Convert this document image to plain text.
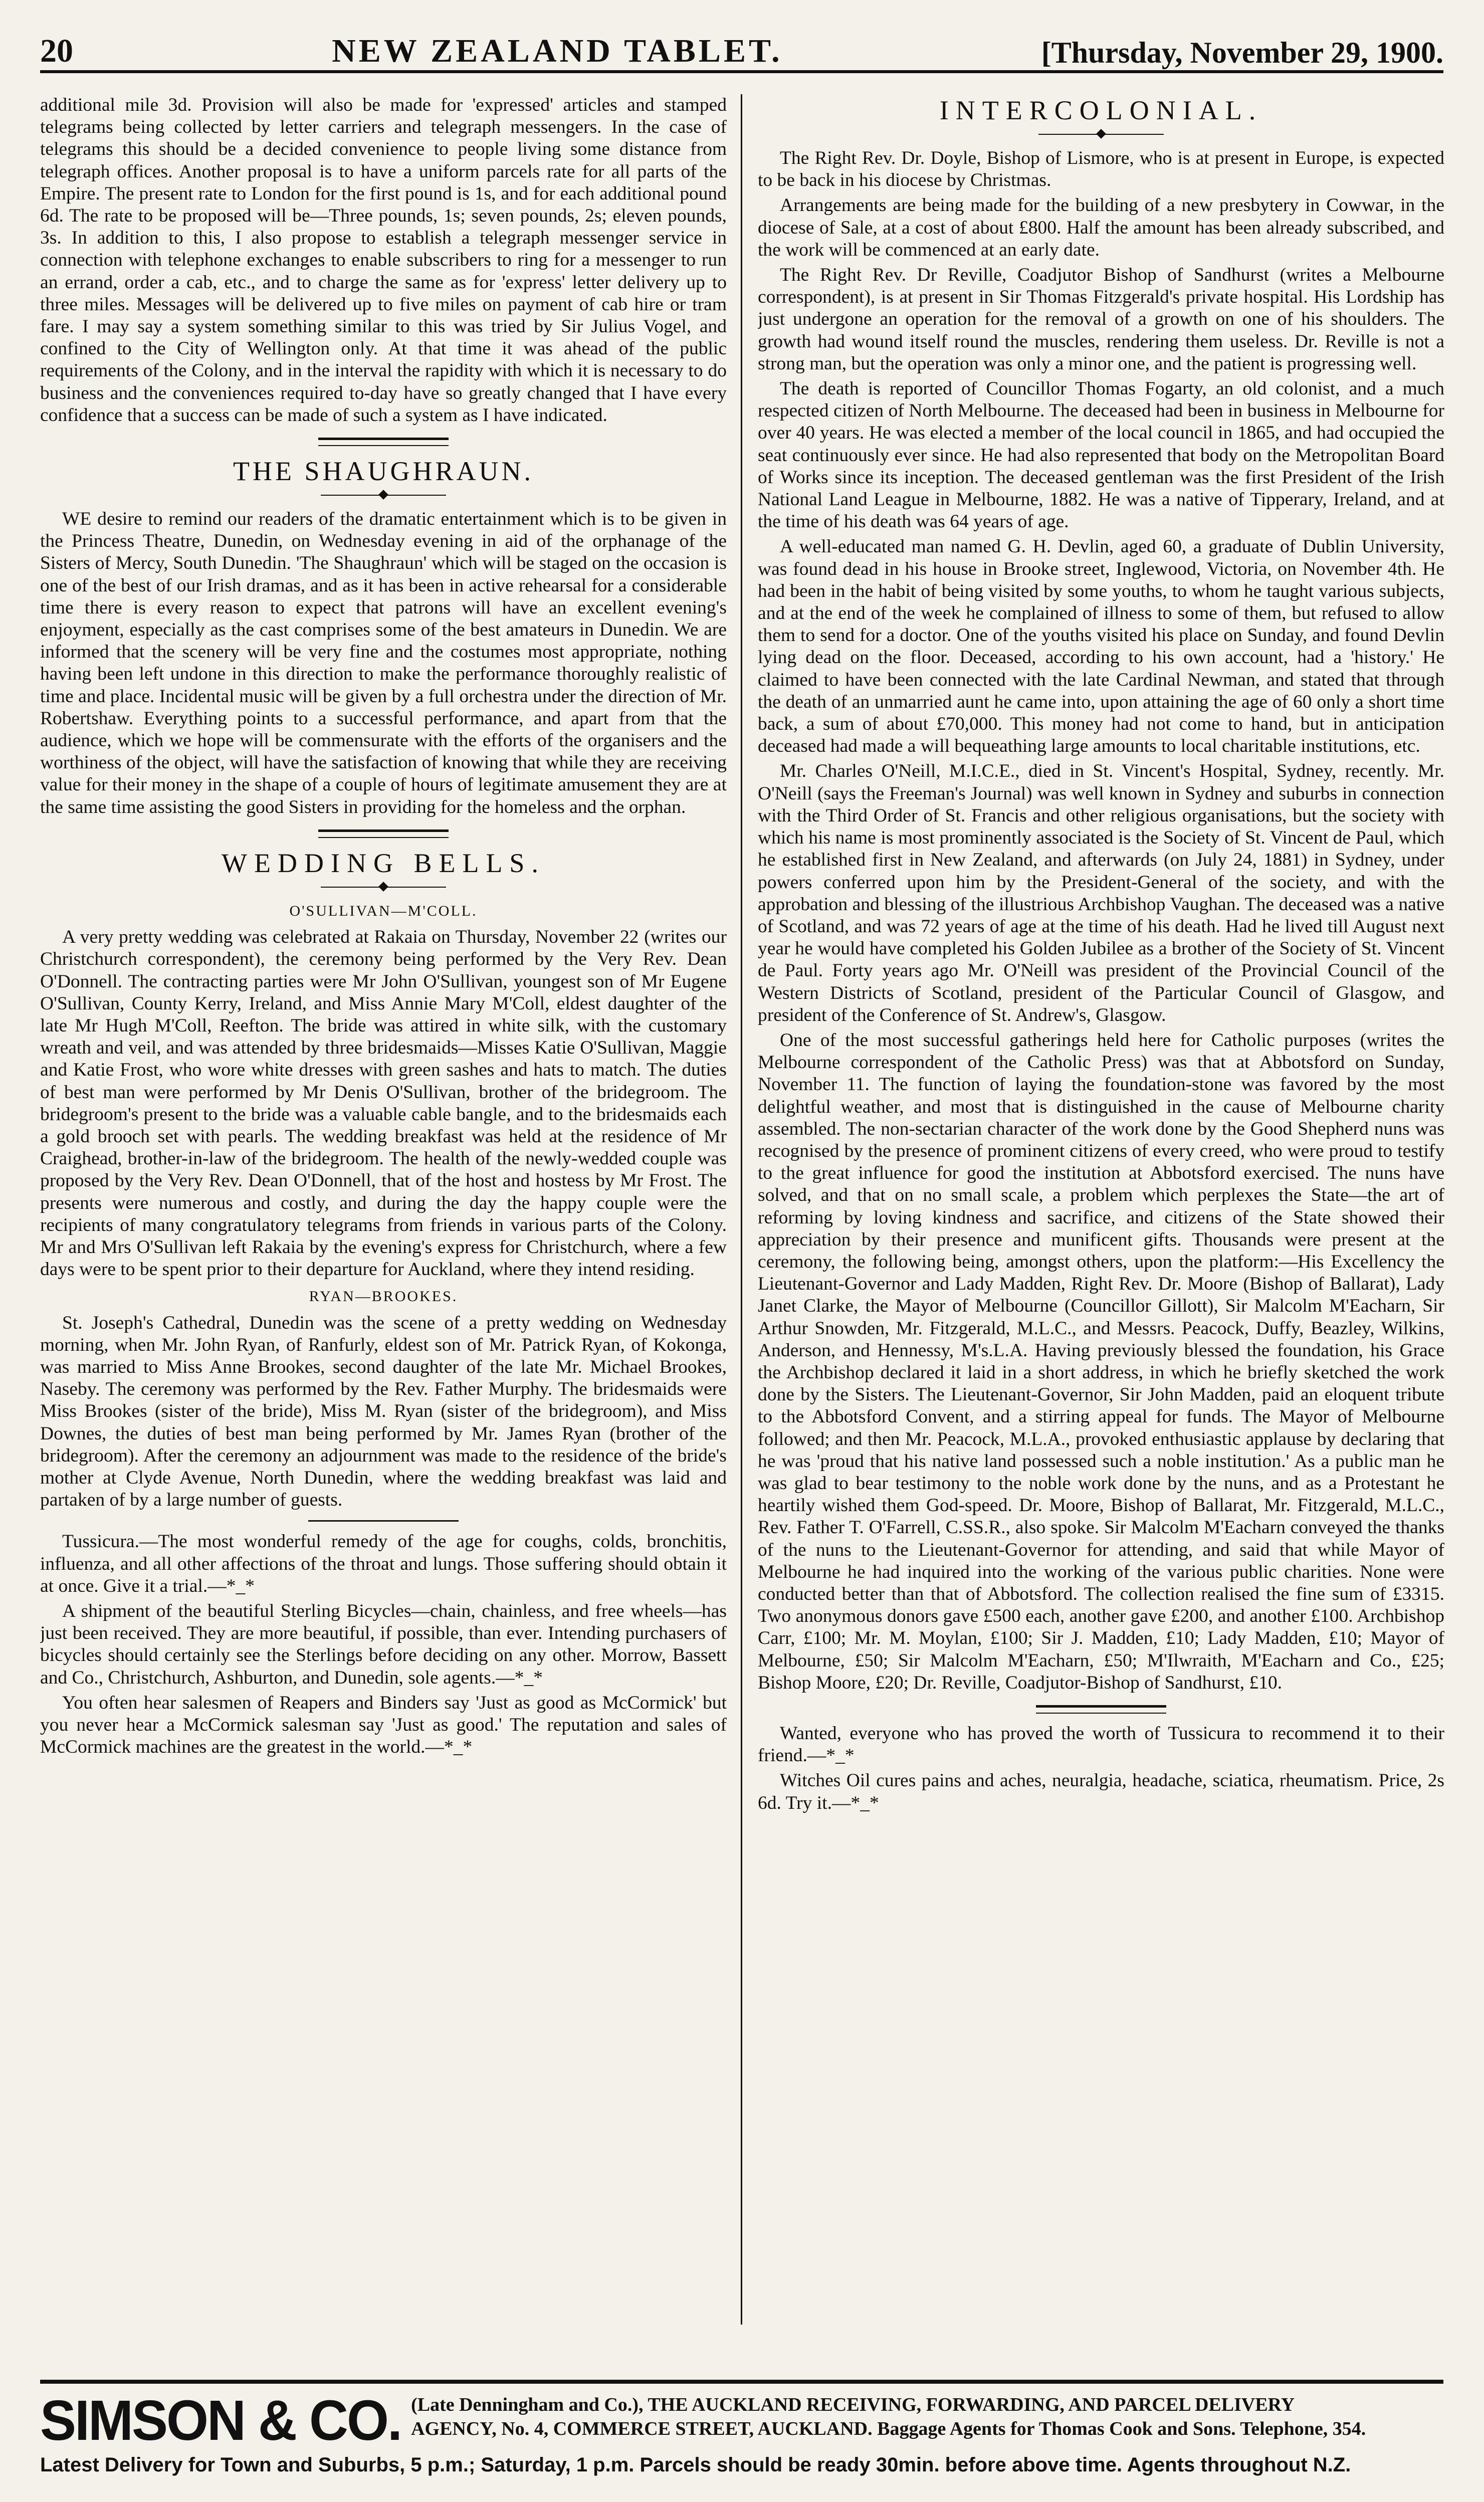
20	NEW ZEALAND TABLET.	[Thursday, November 29, 1900.

additional mile 3d. Provision will also be made for 'expressed' articles and stamped telegrams being collected by letter carriers and telegraph messengers. In the case of telegrams this should be a decided convenience to people living some distance from telegraph offices. Another proposal is to have a uniform parcels rate for all parts of the Empire. The present rate to London for the first pound is 1s, and for each additional pound 6d. The rate to be proposed will be—Three pounds, 1s; seven pounds, 2s; eleven pounds, 3s. In addition to this, I also propose to establish a telegraph messenger service in connection with telephone exchanges to enable subscribers to ring for a messenger to run an errand, order a cab, etc., and to charge the same as for 'express' letter delivery up to three miles. Messages will be delivered up to five miles on payment of cab hire or tram fare. I may say a system something similar to this was tried by Sir Julius Vogel, and confined to the City of Wellington only. At that time it was ahead of the public requirements of the Colony, and in the interval the rapidity with which it is necessary to do business and the conveniences required to-day have so greatly changed that I have every confidence that a success can be made of such a system as I have indicated.

THE SHAUGHRAUN.

WE desire to remind our readers of the dramatic entertainment which is to be given in the Princess Theatre, Dunedin, on Wednesday evening in aid of the orphanage of the Sisters of Mercy, South Dunedin. 'The Shaughraun' which will be staged on the occasion is one of the best of our Irish dramas, and as it has been in active rehearsal for a considerable time there is every reason to expect that patrons will have an excellent evening's enjoyment, especially as the cast comprises some of the best amateurs in Dunedin. We are informed that the scenery will be very fine and the costumes most appropriate, nothing having been left undone in this direction to make the performance thoroughly realistic of time and place. Incidental music will be given by a full orchestra under the direction of Mr. Robertshaw. Everything points to a successful performance, and apart from that the audience, which we hope will be commensurate with the efforts of the organisers and the worthiness of the object, will have the satisfaction of knowing that while they are receiving value for their money in the shape of a couple of hours of legitimate amusement they are at the same time assisting the good Sisters in providing for the homeless and the orphan.

WEDDING BELLS.
O'SULLIVAN—M'COLL.

A very pretty wedding was celebrated at Rakaia on Thursday, November 22 (writes our Christchurch correspondent), the ceremony being performed by the Very Rev. Dean O'Donnell. The contracting parties were Mr John O'Sullivan, youngest son of Mr Eugene O'Sullivan, County Kerry, Ireland, and Miss Annie Mary M'Coll, eldest daughter of the late Mr Hugh M'Coll, Reefton. The bride was attired in white silk, with the customary wreath and veil, and was attended by three bridesmaids—Misses Katie O'Sullivan, Maggie and Katie Frost, who wore white dresses with green sashes and hats to match. The duties of best man were performed by Mr Denis O'Sullivan, brother of the bridegroom. The bridegroom's present to the bride was a valuable cable bangle, and to the bridesmaids each a gold brooch set with pearls. The wedding breakfast was held at the residence of Mr Craighead, brother-in-law of the bridegroom. The health of the newly-wedded couple was proposed by the Very Rev. Dean O'Donnell, that of the host and hostess by Mr Frost. The presents were numerous and costly, and during the day the happy couple were the recipients of many congratulatory telegrams from friends in various parts of the Colony. Mr and Mrs O'Sullivan left Rakaia by the evening's express for Christchurch, where a few days were to be spent prior to their departure for Auckland, where they intend residing.

RYAN—BROOKES.

St. Joseph's Cathedral, Dunedin was the scene of a pretty wedding on Wednesday morning, when Mr. John Ryan, of Ranfurly, eldest son of Mr. Patrick Ryan, of Kokonga, was married to Miss Anne Brookes, second daughter of the late Mr. Michael Brookes, Naseby. The ceremony was performed by the Rev. Father Murphy. The bridesmaids were Miss Brookes (sister of the bride), Miss M. Ryan (sister of the bridegroom), and Miss Downes, the duties of best man being performed by Mr. James Ryan (brother of the bridegroom). After the ceremony an adjournment was made to the residence of the bride's mother at Clyde Avenue, North Dunedin, where the wedding breakfast was laid and partaken of by a large number of guests.

Tussicura.—The most wonderful remedy of the age for coughs, colds, bronchitis, influenza, and all other affections of the throat and lungs. Those suffering should obtain it at once. Give it a trial.—*_*

A shipment of the beautiful Sterling Bicycles—chain, chainless, and free wheels—has just been received. They are more beautiful, if possible, than ever. Intending purchasers of bicycles should certainly see the Sterlings before deciding on any other. Morrow, Bassett and Co., Christchurch, Ashburton, and Dunedin, sole agents.—*_*

You often hear salesmen of Reapers and Binders say 'Just as good as McCormick' but you never hear a McCormick salesman say 'Just as good.' The reputation and sales of McCormick machines are the greatest in the world.—*_*

INTERCOLONIAL.

The Right Rev. Dr. Doyle, Bishop of Lismore, who is at present in Europe, is expected to be back in his diocese by Christmas.

Arrangements are being made for the building of a new presbytery in Cowwar, in the diocese of Sale, at a cost of about £800. Half the amount has been already subscribed, and the work will be commenced at an early date.

The Right Rev. Dr Reville, Coadjutor Bishop of Sandhurst (writes a Melbourne correspondent), is at present in Sir Thomas Fitzgerald's private hospital. His Lordship has just undergone an operation for the removal of a growth on one of his shoulders. The growth had wound itself round the muscles, rendering them useless. Dr. Reville is not a strong man, but the operation was only a minor one, and the patient is progressing well.

The death is reported of Councillor Thomas Fogarty, an old colonist, and a much respected citizen of North Melbourne. The deceased had been in business in Melbourne for over 40 years. He was elected a member of the local council in 1865, and had occupied the seat continuously ever since. He had also represented that body on the Metropolitan Board of Works since its inception. The deceased gentleman was the first President of the Irish National Land League in Melbourne, 1882. He was a native of Tipperary, Ireland, and at the time of his death was 64 years of age.

A well-educated man named G. H. Devlin, aged 60, a graduate of Dublin University, was found dead in his house in Brooke street, Inglewood, Victoria, on November 4th. He had been in the habit of being visited by some youths, to whom he taught various subjects, and at the end of the week he complained of illness to some of them, but refused to allow them to send for a doctor. One of the youths visited his place on Sunday, and found Devlin lying dead on the floor. Deceased, according to his own account, had a 'history.' He claimed to have been connected with the late Cardinal Newman, and stated that through the death of an unmarried aunt he came into, upon attaining the age of 60 only a short time back, a sum of about £70,000. This money had not come to hand, but in anticipation deceased had made a will bequeathing large amounts to local charitable institutions, etc.

Mr. Charles O'Neill, M.I.C.E., died in St. Vincent's Hospital, Sydney, recently. Mr. O'Neill (says the Freeman's Journal) was well known in Sydney and suburbs in connection with the Third Order of St. Francis and other religious organisations, but the society with which his name is most prominently associated is the Society of St. Vincent de Paul, which he established first in New Zealand, and afterwards (on July 24, 1881) in Sydney, under powers conferred upon him by the President-General of the society, and with the approbation and blessing of the illustrious Archbishop Vaughan. The deceased was a native of Scotland, and was 72 years of age at the time of his death. Had he lived till August next year he would have completed his Golden Jubilee as a brother of the Society of St. Vincent de Paul. Forty years ago Mr. O'Neill was president of the Provincial Council of the Western Districts of Scotland, president of the Particular Council of Glasgow, and president of the Conference of St. Andrew's, Glasgow.

One of the most successful gatherings held here for Catholic purposes (writes the Melbourne correspondent of the Catholic Press) was that at Abbotsford on Sunday, November 11. The function of laying the foundation-stone was favored by the most delightful weather, and most that is distinguished in the cause of Melbourne charity assembled. The non-sectarian character of the work done by the Good Shepherd nuns was recognised by the presence of prominent citizens of every creed, who were proud to testify to the great influence for good the institution at Abbotsford exercised. The nuns have solved, and that on no small scale, a problem which perplexes the State—the art of reforming by loving kindness and sacrifice, and citizens of the State showed their appreciation by their presence and munificent gifts. Thousands were present at the ceremony, the following being, amongst others, upon the platform:—His Excellency the Lieutenant-Governor and Lady Madden, Right Rev. Dr. Moore (Bishop of Ballarat), Lady Janet Clarke, the Mayor of Melbourne (Councillor Gillott), Sir Malcolm M'Eacharn, Sir Arthur Snowden, Mr. Fitzgerald, M.L.C., and Messrs. Peacock, Duffy, Beazley, Wilkins, Anderson, and Hennessy, M's.L.A. Having previously blessed the foundation, his Grace the Archbishop declared it laid in a short address, in which he briefly sketched the work done by the Sisters. The Lieutenant-Governor, Sir John Madden, paid an eloquent tribute to the Abbotsford Convent, and a stirring appeal for funds. The Mayor of Melbourne followed; and then Mr. Peacock, M.L.A., provoked enthusiastic applause by declaring that he was 'proud that his native land possessed such a noble institution.' As a public man he was glad to bear testimony to the noble work done by the nuns, and as a Protestant he heartily wished them God-speed. Dr. Moore, Bishop of Ballarat, Mr. Fitzgerald, M.L.C., Rev. Father T. O'Farrell, C.SS.R., also spoke. Sir Malcolm M'Eacharn conveyed the thanks of the nuns to the Lieutenant-Governor for attending, and said that while Mayor of Melbourne he had inquired into the working of the various public charities. None were conducted better than that of Abbotsford. The collection realised the fine sum of £3315. Two anonymous donors gave £500 each, another gave £200, and another £100. Archbishop Carr, £100; Mr. M. Moylan, £100; Sir J. Madden, £10; Lady Madden, £10; Mayor of Melbourne, £50; Sir Malcolm M'Eacharn, £50; M'Ilwraith, M'Eacharn and Co., £25; Bishop Moore, £20; Dr. Reville, Coadjutor-Bishop of Sandhurst, £10.

Wanted, everyone who has proved the worth of Tussicura to recommend it to their friend.—*_*

Witches Oil cures pains and aches, neuralgia, headache, sciatica, rheumatism. Price, 2s 6d. Try it.—*_*

SIMSON & CO. (Late Denningham and Co.), THE AUCKLAND RECEIVING, FORWARDING, AND PARCEL DELIVERY
AGENCY, No. 4, COMMERCE STREET, AUCKLAND. Baggage Agents for Thomas Cook and Sons. Telephone, 354.
Latest Delivery for Town and Suburbs, 5 p.m.; Saturday, 1 p.m. Parcels should be ready 30min. before above time. Agents throughout N.Z.
